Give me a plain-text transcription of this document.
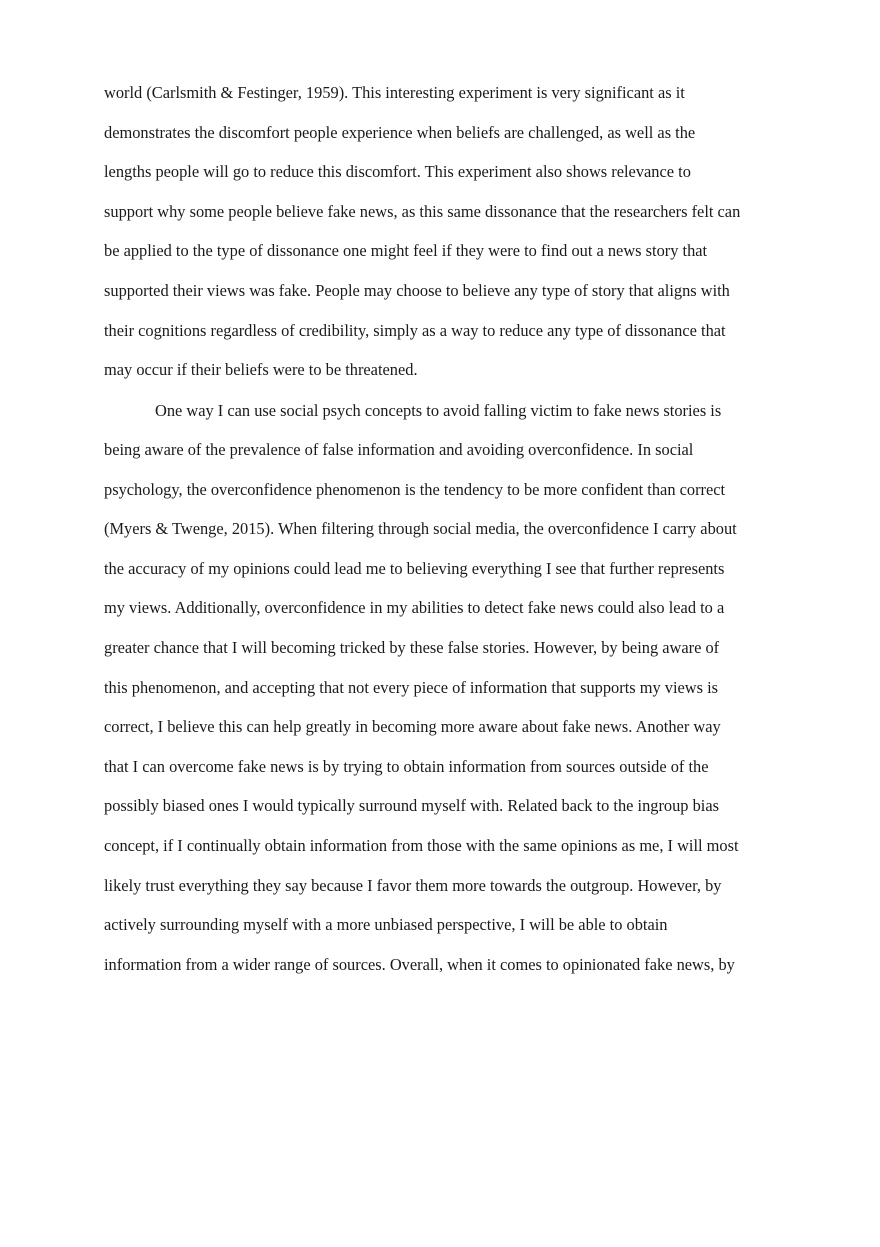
world (Carlsmith & Festinger, 1959). This interesting experiment is very significant as it

demonstrates the discomfort people experience when beliefs are challenged, as well as the

lengths people will go to reduce this discomfort. This experiment also shows relevance to

support why some people believe fake news, as this same dissonance that the researchers felt can

be applied to the type of dissonance one might feel if they were to find out a news story that

supported their views was fake. People may choose to believe any type of story that aligns with

their cognitions regardless of credibility, simply as a way to reduce any type of dissonance that

may occur if their beliefs were to be threatened.

One way I can use social psych concepts to avoid falling victim to fake news stories is

being aware of the prevalence of false information and avoiding overconfidence. In social

psychology, the overconfidence phenomenon is the tendency to be more confident than correct

(Myers & Twenge, 2015). When filtering through social media, the overconfidence I carry about

the accuracy of my opinions could lead me to believing everything I see that further represents

my views. Additionally, overconfidence in my abilities to detect fake news could also lead to a

greater chance that I will becoming tricked by these false stories. However, by being aware of

this phenomenon, and accepting that not every piece of information that supports my views is

correct, I believe this can help greatly in becoming more aware about fake news. Another way

that I can overcome fake news is by trying to obtain information from sources outside of the

possibly biased ones I would typically surround myself with. Related back to the ingroup bias

concept, if I continually obtain information from those with the same opinions as me, I will most

likely trust everything they say because I favor them more towards the outgroup. However, by

actively surrounding myself with a more unbiased perspective, I will be able to obtain

information from a wider range of sources. Overall, when it comes to opinionated fake news, by
